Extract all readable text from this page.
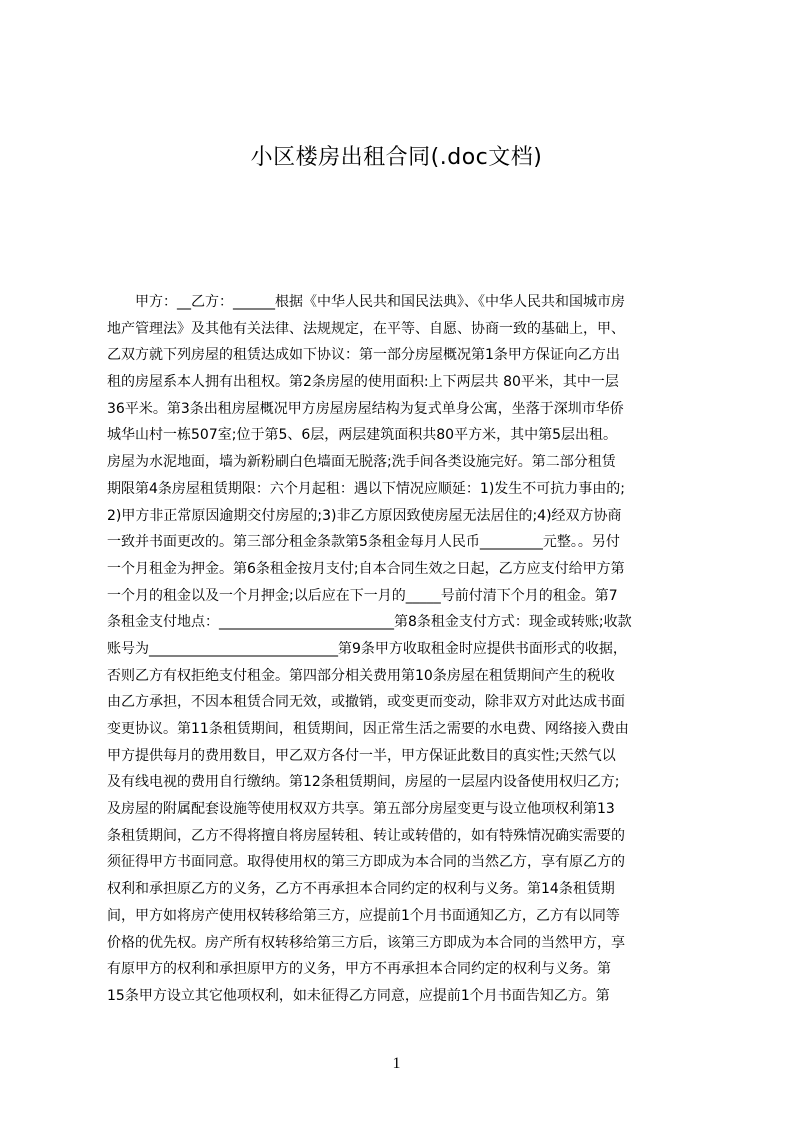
小区楼房出租合同(.doc文档)
甲方：__乙方：______根据《中华人民共和国民法典》、《中华人民共和国城市房
地产管理法》及其他有关法律、法规规定，在平等、自愿、协商一致的基础上，甲、
乙双方就下列房屋的租赁达成如下协议：第一部分房屋概况第1条甲方保证向乙方出
租的房屋系本人拥有出租权。第2条房屋的使用面积:上下两层共 80平米，其中一层
36平米。第3条出租房屋概况甲方房屋房屋结构为复式单身公寓，坐落于深圳市华侨
城华山村一栋507室;位于第5、6层，两层建筑面积共80平方米，其中第5层出租。
房屋为水泥地面，墙为新粉刷白色墙面无脱落;洗手间各类设施完好。第二部分租赁
期限第4条房屋租赁期限：六个月起租：遇以下情况应顺延：1)发生不可抗力事由的;
2)甲方非正常原因逾期交付房屋的;3)非乙方原因致使房屋无法居住的;4)经双方协商
一致并书面更改的。第三部分租金条款第5条租金每月人民币_________元整。。另付
一个月租金为押金。第6条租金按月支付;自本合同生效之日起，乙方应支付给甲方第
一个月的租金以及一个月押金;以后应在下一月的_____号前付清下个月的租金。第7
条租金支付地点：_________________________第8条租金支付方式：现金或转账;收款
账号为___________________________第9条甲方收取租金时应提供书面形式的收据，
否则乙方有权拒绝支付租金。第四部分相关费用第10条房屋在租赁期间产生的税收
由乙方承担，不因本租赁合同无效，或撤销，或变更而变动，除非双方对此达成书面
变更协议。第11条租赁期间，租赁期间，因正常生活之需要的水电费、网络接入费由
甲方提供每月的费用数目，甲乙双方各付一半，甲方保证此数目的真实性;天然气以
及有线电视的费用自行缴纳。第12条租赁期间，房屋的一层屋内设备使用权归乙方;
及房屋的附属配套设施等使用权双方共享。第五部分房屋变更与设立他项权利第13
条租赁期间，乙方不得将擅自将房屋转租、转让或转借的，如有特殊情况确实需要的
须征得甲方书面同意。取得使用权的第三方即成为本合同的当然乙方，享有原乙方的
权利和承担原乙方的义务，乙方不再承担本合同约定的权利与义务。第14条租赁期
间，甲方如将房产使用权转移给第三方，应提前1个月书面通知乙方，乙方有以同等
价格的优先权。房产所有权转移给第三方后，该第三方即成为本合同的当然甲方，享
有原甲方的权利和承担原甲方的义务，甲方不再承担本合同约定的权利与义务。第
15条甲方设立其它他项权利，如未征得乙方同意，应提前1个月书面告知乙方。第
1
